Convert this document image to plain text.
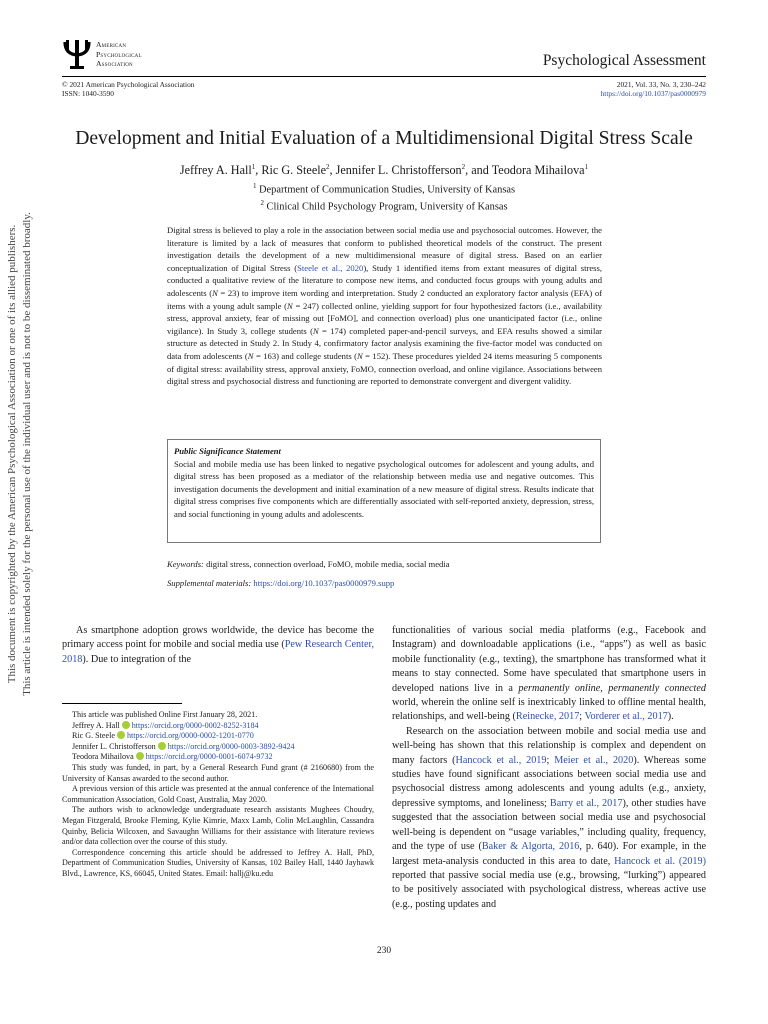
American
Psychological
Association	Psychological Assessment
© 2021 American Psychological Association
ISSN: 1040-3590
2021, Vol. 33, No. 3, 230–242
https://doi.org/10.1037/pas0000979
This document is copyrighted by the American Psychological Association or one of its allied publishers. This article is intended solely for the personal use of the individual user and is not to be disseminated broadly.
Development and Initial Evaluation of a Multidimensional Digital Stress Scale
Jeffrey A. Hall$^1$, Ric G. Steele$^2$, Jennifer L. Christofferson$^2$, and Teodora Mihailova$^1$
$^1$ Department of Communication Studies, University of Kansas
$^2$ Clinical Child Psychology Program, University of Kansas
Digital stress is believed to play a role in the association between social media use and psychosocial outcomes. However, the literature is limited by a lack of measures that conform to published theoretical models of the construct. The present investigation details the development of a new multidimensional measure of digital stress. Based on an earlier conceptualization of Digital Stress (Steele et al., 2020), Study 1 identified items from extant measures of digital stress, conducted a qualitative review of the literature to compose new items, and conducted focus groups with young adults and adolescents (N = 23) to improve item wording and interpretation. Study 2 conducted an exploratory factor analysis (EFA) of items with a young adult sample (N = 247) collected online, yielding support for four hypothesized factors (i.e., availability stress, approval anxiety, fear of missing out [FoMO], and connection overload) plus one unanticipated factor (i.e., online vigilance). In Study 3, college students (N = 174) completed paper-and-pencil surveys, and EFA results showed a similar structure as detected in Study 2. In Study 4, confirmatory factor analysis examining the five-factor model was conducted on data from adolescents (N = 163) and college students (N = 152). These procedures yielded 24 items measuring 5 components of digital stress: availability stress, approval anxiety, FoMO, connection overload, and online vigilance. Associations between digital stress and psychosocial distress and functioning are reported to demonstrate convergent and divergent validity.
Public Significance Statement
Social and mobile media use has been linked to negative psychological outcomes for adolescent and young adults, and digital stress has been proposed as a mediator of the relationship between media use and negative outcomes. This investigation documents the development and initial examination of a new measure of digital stress. Results indicate that digital stress comprises five components which are differentially associated with self-reported anxiety, depression, stress, and social functioning in young adults and adolescents.
Keywords: digital stress, connection overload, FoMO, mobile media, social media
Supplemental materials: https://doi.org/10.1037/pas0000979.supp
As smartphone adoption grows worldwide, the device has become the primary access point for mobile and social media use (Pew Research Center, 2018). Due to integration of the

This article was published Online First January 28, 2021.

Jeffrey A. Hall https://orcid.org/0000-0002-8252-3184

Ric G. Steele https://orcid.org/0000-0002-1201-0770

Jennifer L. Christofferson https://orcid.org/0000-0003-3892-9424

Teodora Mihailova https://orcid.org/0000-0001-6074-9732

This study was funded, in part, by a General Research Fund grant (# 2160680) from the University of Kansas awarded to the second author.

A previous version of this article was presented at the annual conference of the International Communication Association, Gold Coast, Australia, May 2020.

The authors wish to acknowledge undergraduate research assistants Mughees Choudry, Megan Fitzgerald, Brooke Fleming, Kylie Kimrie, Maxx Lamb, Colin McLaughlin, Cassandra Quinby, Belicia Wilcoxen, and Savaughn Williams for their assistance with literature reviews and/or data collection over the course of this study.

Correspondence concerning this article should be addressed to Jeffrey A. Hall, PhD, Department of Communication Studies, University of Kansas, 102 Bailey Hall, 1440 Jayhawk Blvd., Lawrence, KS, 66045, United States. Email: hallj@ku.edu

functionalities of various social media platforms (e.g., Facebook and Instagram) and downloadable applications (i.e., “apps”) as well as basic mobile functionality (e.g., texting), the smartphone has transformed what it means to stay connected. Some have speculated that smartphone users in developed nations live in a permanently online, permanently connected world, wherein the online self is inextricably linked to offline mental health, relationships, and well-being (Reinecke, 2017; Vorderer et al., 2017).

Research on the association between mobile and social media use and well-being has shown that this relationship is complex and dependent on many factors (Hancock et al., 2019; Meier et al., 2020). Whereas some studies have found significant associations between social media use and psychosocial distress among adolescents and young adults (e.g., anxiety, depressive symptoms, and loneliness; Barry et al., 2017), other studies have suggested that the association between social media use and psychosocial well-being is dependent on “usage variables,” including quality, frequency, and the type of use (Baker & Algorta, 2016, p. 640). For example, in the largest meta-analysis conducted in this area to date, Hancock et al. (2019) reported that passive social media use (e.g., browsing, “lurking”) appeared to be positively associated with psychological distress, whereas active use (e.g., posting updates and

230
